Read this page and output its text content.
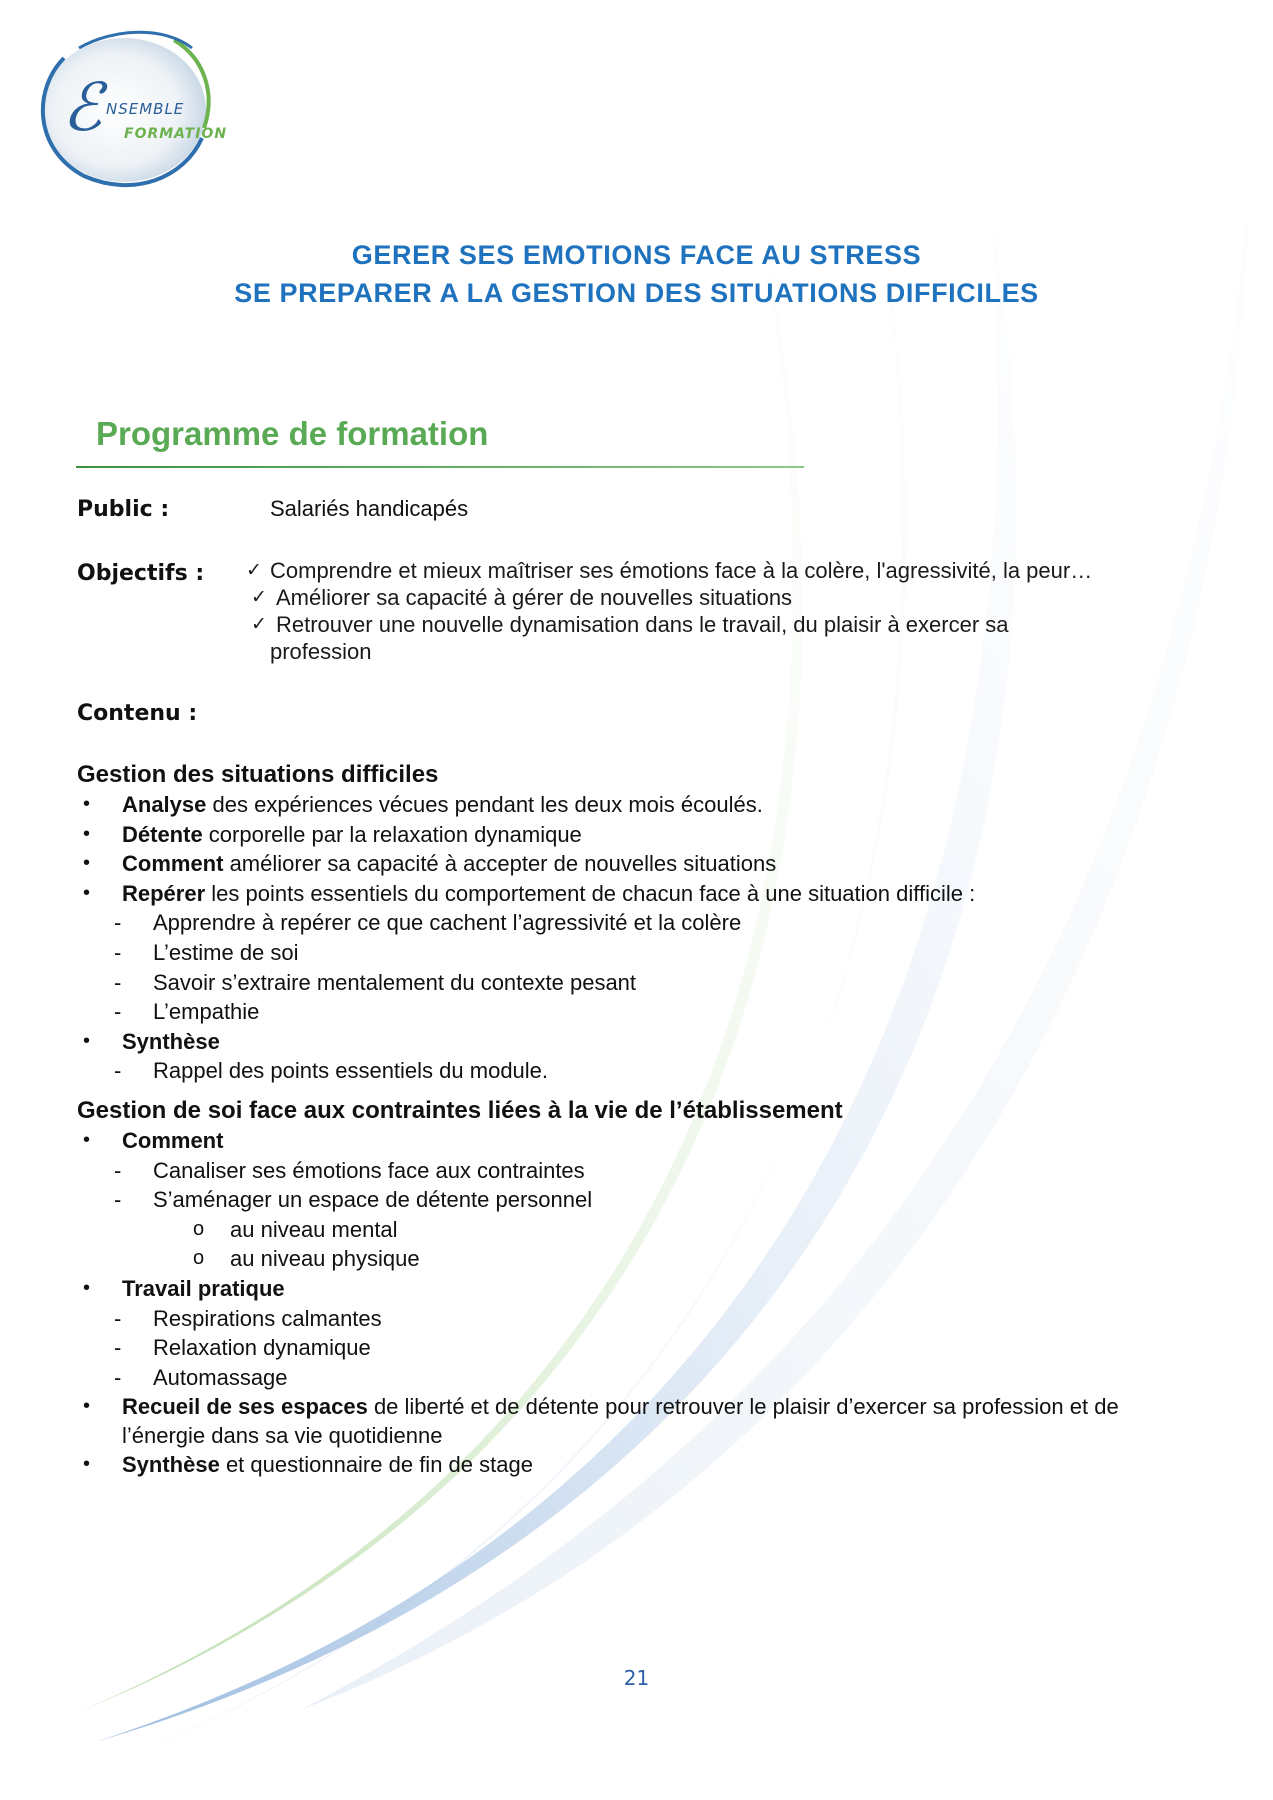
ℰ NSEMBLE
FORMATION
GERER SES EMOTIONS FACE AU STRESS
SE PREPARER A LA GESTION DES SITUATIONS DIFFICILES
Programme de formation
Public :	Salariés handicapés
Objectifs : ✓ Comprendre et mieux maîtriser ses émotions face à la colère, l'agressivité, la peur…
✓ Améliorer sa capacité à gérer de nouvelles situations
✓ Retrouver une nouvelle dynamisation dans le travail, du plaisir à exercer sa
profession
Contenu :
Gestion des situations difficiles
• Analyse des expériences vécues pendant les deux mois écoulés.
• Détente corporelle par la relaxation dynamique
• Comment améliorer sa capacité à accepter de nouvelles situations
• Repérer les points essentiels du comportement de chacun face à une situation difficile :
- Apprendre à repérer ce que cachent l’agressivité et la colère
- L’estime de soi
- Savoir s’extraire mentalement du contexte pesant
- L’empathie
• Synthèse
- Rappel des points essentiels du module.
Gestion de soi face aux contraintes liées à la vie de l’établissement
• Comment
- Canaliser ses émotions face aux contraintes
- S’aménager un espace de détente personnel
o au niveau mental
o au niveau physique
• Travail pratique
- Respirations calmantes
- Relaxation dynamique
- Automassage
• Recueil de ses espaces de liberté et de détente pour retrouver le plaisir d’exercer sa profession et de
l’énergie dans sa vie quotidienne
• Synthèse et questionnaire de fin de stage
21
